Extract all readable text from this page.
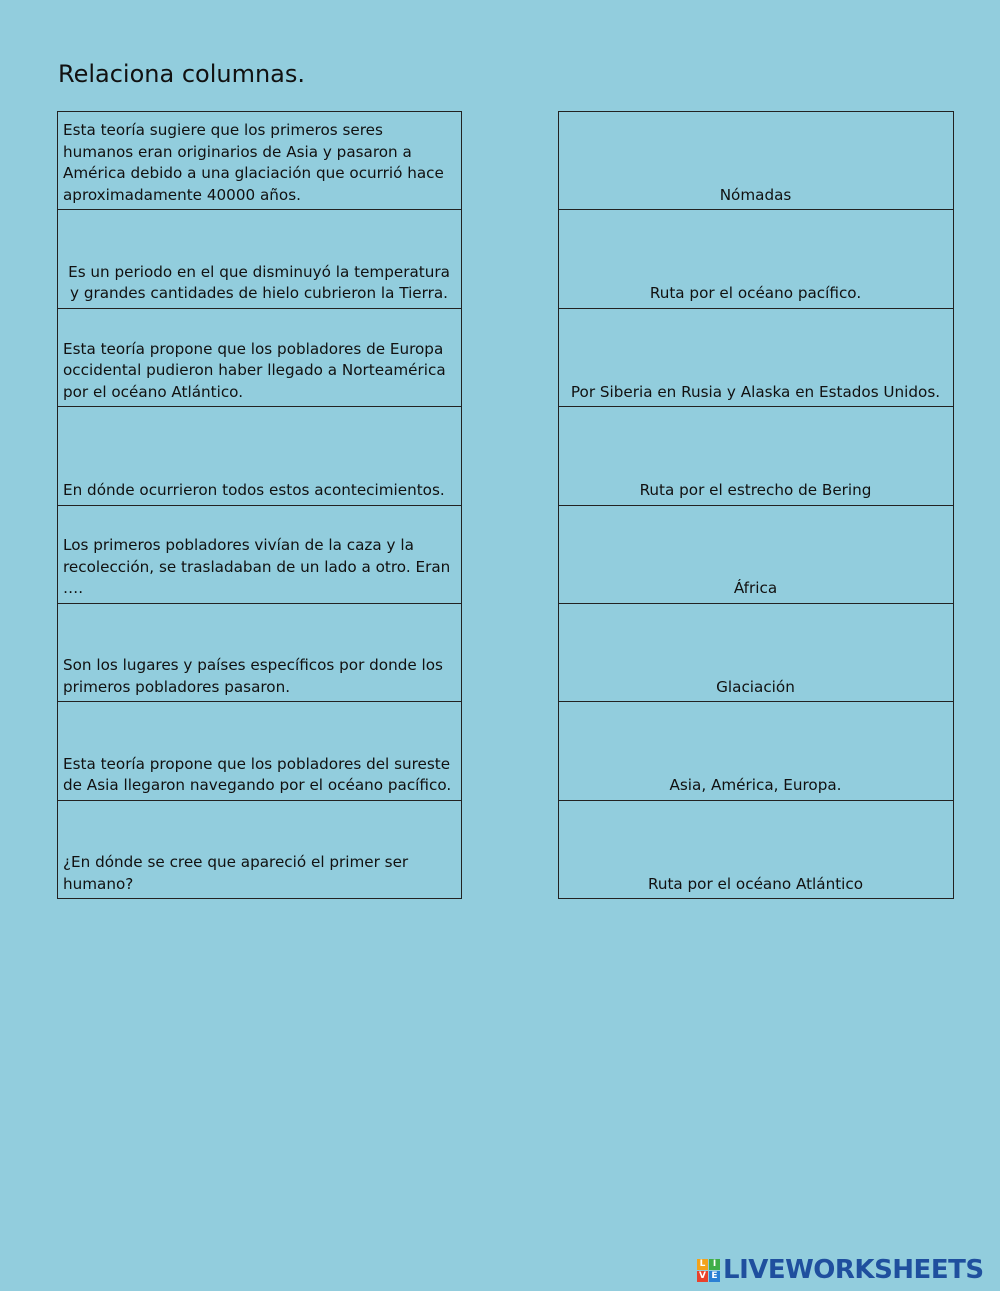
Relaciona columnas.
Esta teoría sugiere que los primeros seres humanos eran originarios de Asia y pasaron a América debido a una glaciación que ocurrió hace aproximadamente 40000 años.
Es un periodo en el que disminuyó la temperatura y grandes cantidades de hielo cubrieron la Tierra.
Esta teoría propone que los pobladores de Europa occidental pudieron haber llegado a Norteamérica por el océano Atlántico.
En dónde ocurrieron todos estos acontecimientos.
Los primeros pobladores vivían de la caza y la recolección, se trasladaban de un lado a otro. Eran ….
Son los lugares y países específicos por donde los primeros pobladores pasaron.
Esta teoría propone que los pobladores del sureste de Asia llegaron navegando por el océano pacífico.
¿En dónde se cree que apareció el primer ser humano?
Nómadas
Ruta por el océano pacífico.
Por Siberia en Rusia y Alaska en Estados Unidos.
Ruta por el estrecho de Bering
África
Glaciación
Asia, América, Europa.
Ruta por el océano Atlántico
L I
V E LIVEWORKSHEETS
